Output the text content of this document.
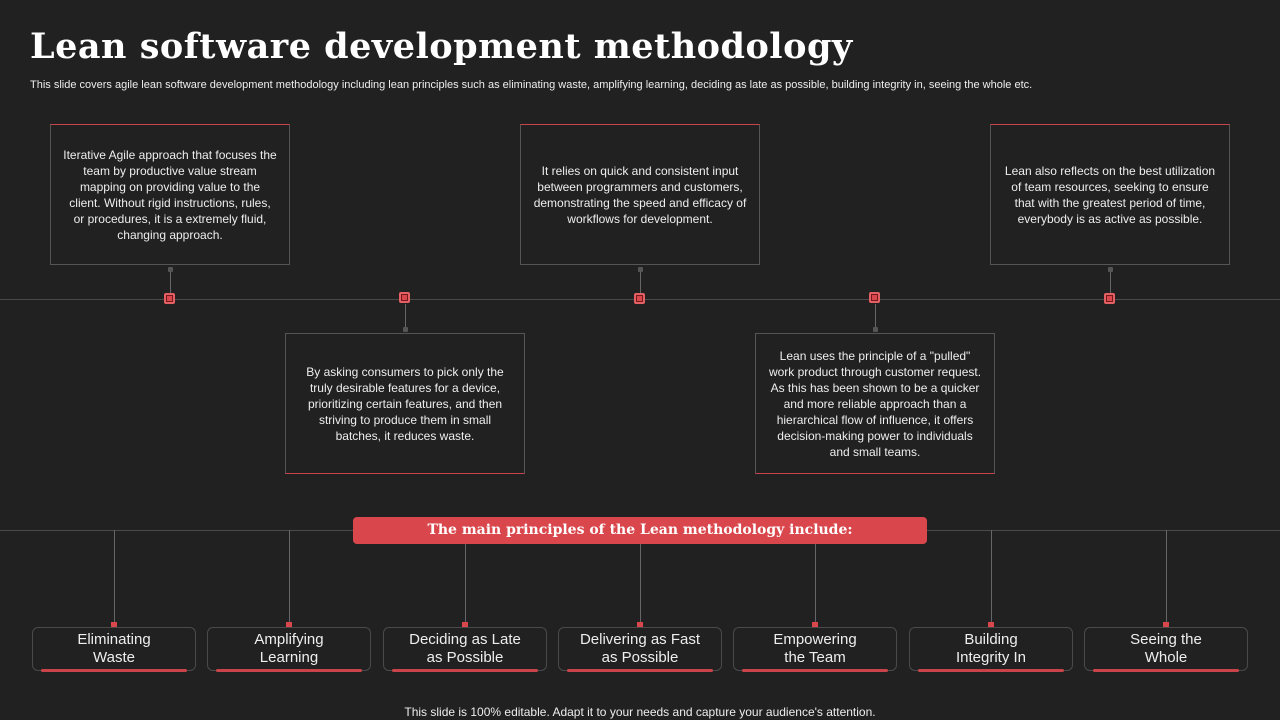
Lean software development methodology
This slide covers agile lean software development methodology including lean principles such as eliminating waste, amplifying learning, deciding as late as possible, building integrity in, seeing the whole etc.
Iterative Agile approach that focuses the team by productive value stream mapping on providing value to the client. Without rigid instructions, rules, or procedures, it is a extremely fluid, changing approach.
It relies on quick and consistent input between programmers and customers, demonstrating the speed and efficacy of workflows for development.
Lean also reflects on the best utilization of team resources, seeking to ensure that with the greatest period of time, everybody is as active as possible.
By asking consumers to pick only the truly desirable features for a device, prioritizing certain features, and then striving to produce them in small batches, it reduces waste.
Lean uses the principle of a "pulled" work product through customer request. As this has been shown to be a quicker and more reliable approach than a hierarchical flow of influence, it offers decision-making power to individuals and small teams.
The main principles of the Lean methodology include:
Eliminating
Waste
Amplifying
Learning
Deciding as Late
as Possible
Delivering as Fast
as Possible
Empowering
the Team
Building
Integrity In
Seeing the
Whole
This slide is 100% editable. Adapt it to your needs and capture your audience's attention.
